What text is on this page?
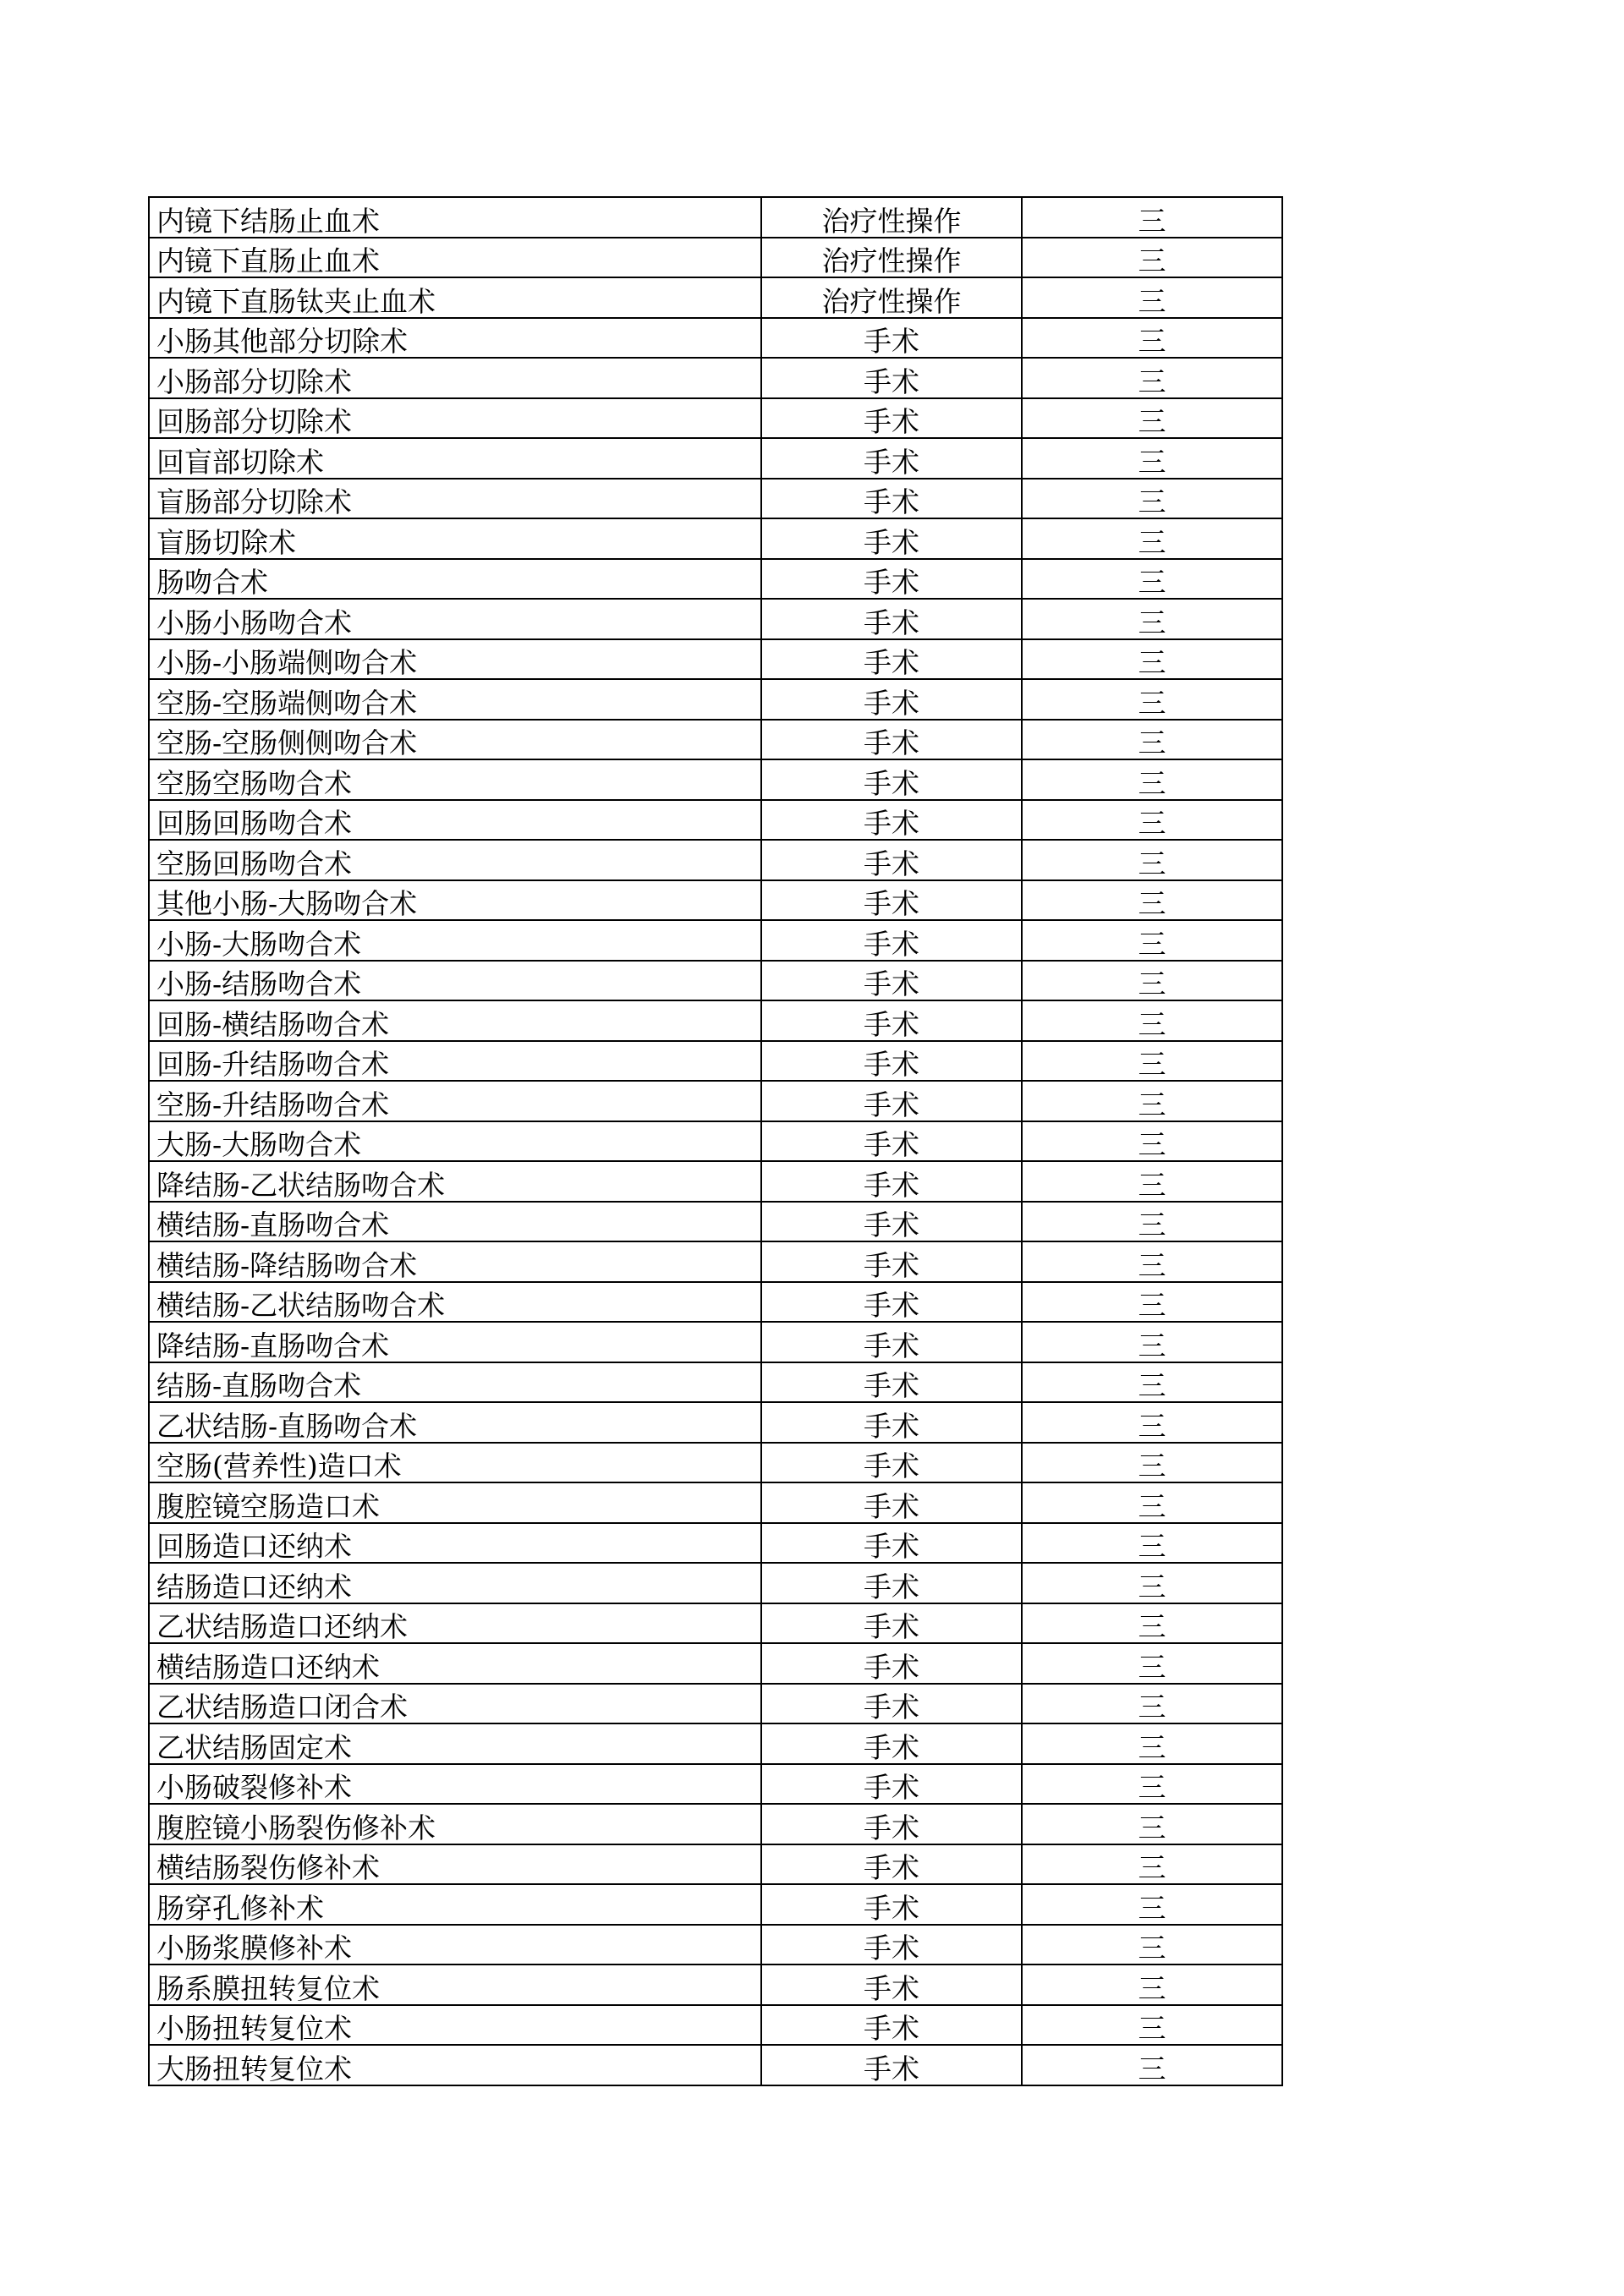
内镜下结肠止血术	治疗性操作	三
内镜下直肠止血术	治疗性操作	三
内镜下直肠钛夹止血术	治疗性操作	三
小肠其他部分切除术	手术	三
小肠部分切除术	手术	三
回肠部分切除术	手术	三
回盲部切除术	手术	三
盲肠部分切除术	手术	三
盲肠切除术	手术	三
肠吻合术	手术	三
小肠小肠吻合术	手术	三
小肠-小肠端侧吻合术	手术	三
空肠-空肠端侧吻合术	手术	三
空肠-空肠侧侧吻合术	手术	三
空肠空肠吻合术	手术	三
回肠回肠吻合术	手术	三
空肠回肠吻合术	手术	三
其他小肠-大肠吻合术	手术	三
小肠-大肠吻合术	手术	三
小肠-结肠吻合术	手术	三
回肠-横结肠吻合术	手术	三
回肠-升结肠吻合术	手术	三
空肠-升结肠吻合术	手术	三
大肠-大肠吻合术	手术	三
降结肠-乙状结肠吻合术	手术	三
横结肠-直肠吻合术	手术	三
横结肠-降结肠吻合术	手术	三
横结肠-乙状结肠吻合术	手术	三
降结肠-直肠吻合术	手术	三
结肠-直肠吻合术	手术	三
乙状结肠-直肠吻合术	手术	三
空肠(营养性)造口术	手术	三
腹腔镜空肠造口术	手术	三
回肠造口还纳术	手术	三
结肠造口还纳术	手术	三
乙状结肠造口还纳术	手术	三
横结肠造口还纳术	手术	三
乙状结肠造口闭合术	手术	三
乙状结肠固定术	手术	三
小肠破裂修补术	手术	三
腹腔镜小肠裂伤修补术	手术	三
横结肠裂伤修补术	手术	三
肠穿孔修补术	手术	三
小肠浆膜修补术	手术	三
肠系膜扭转复位术	手术	三
小肠扭转复位术	手术	三
大肠扭转复位术	手术	三
